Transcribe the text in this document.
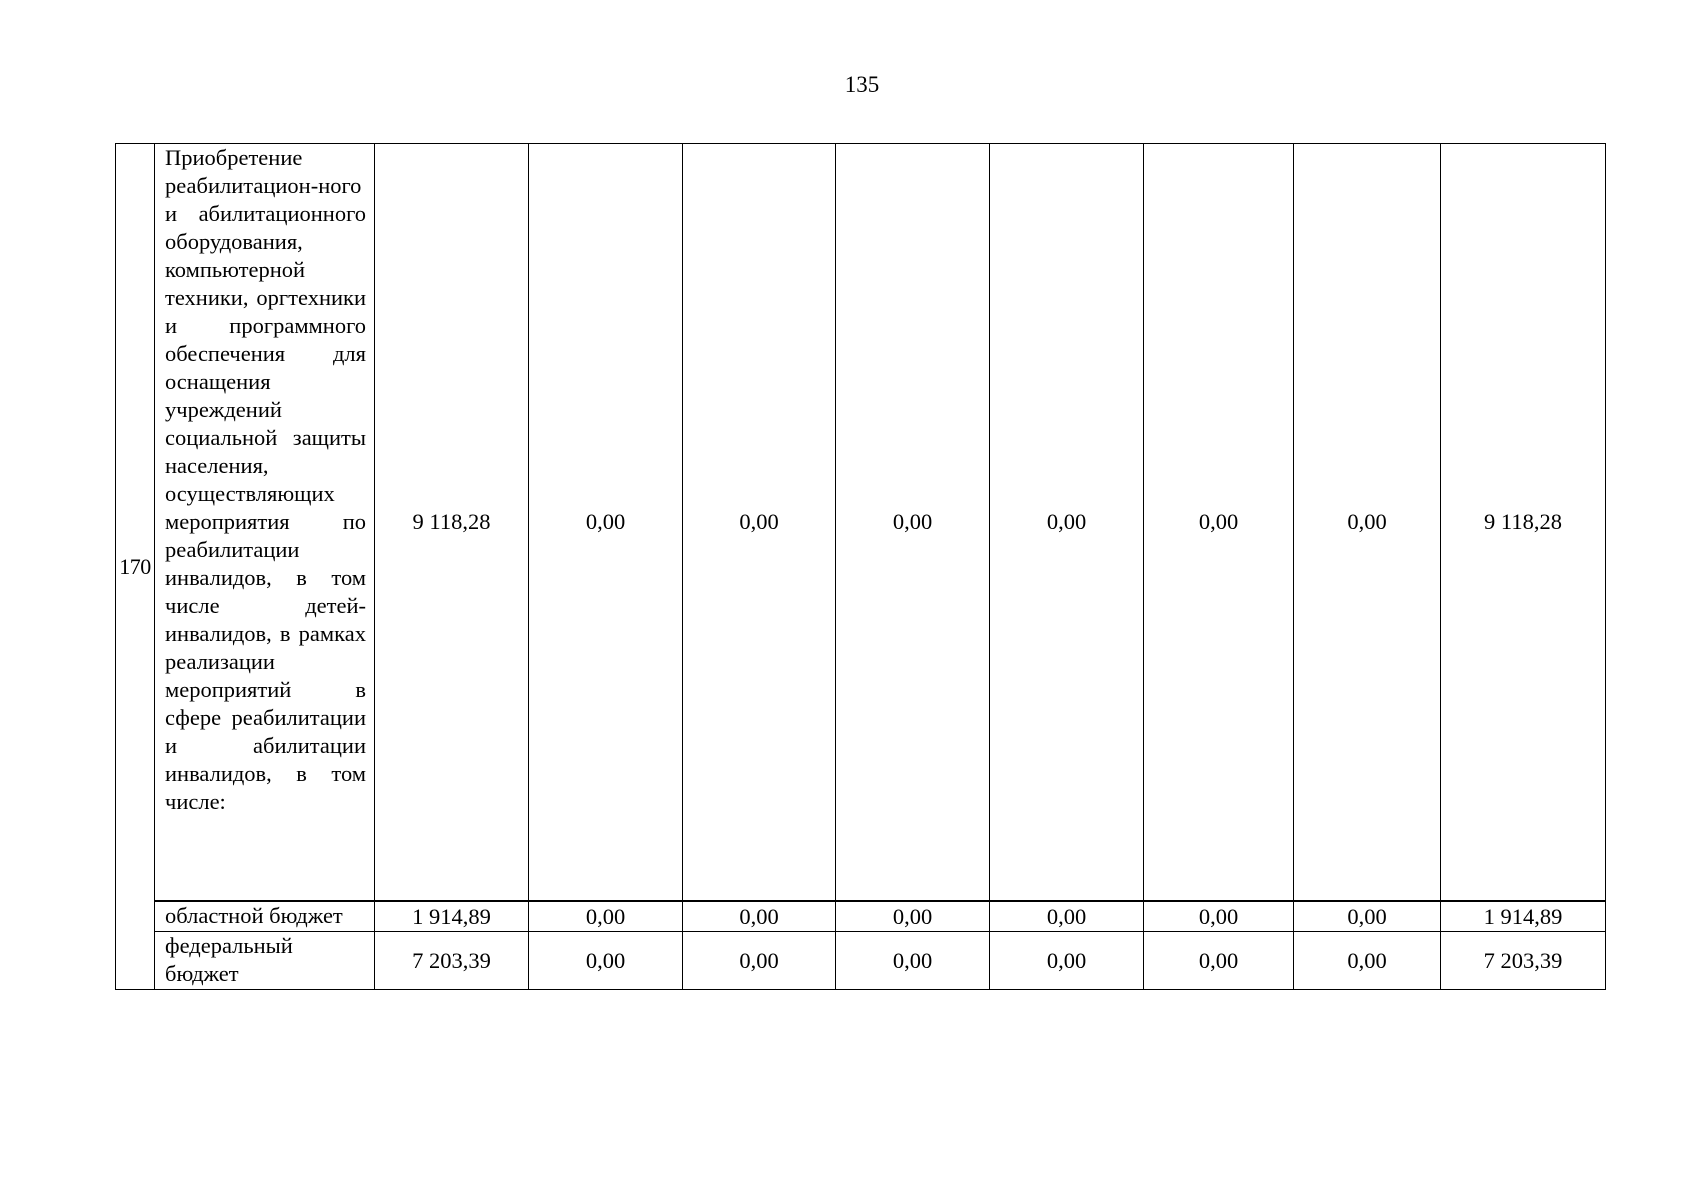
135
170	Приобретение реабилитацион-ного и абилитационного оборудования, компьютерной техники, оргтехники и программного обеспечения для оснащения учреждений социальной защиты населения, осуществляющих мероприятия по реабилитации инвалидов, в том числе детей-инвалидов, в рамках реализации мероприятий в сфере реабилитации и абилитации инвалидов, в том числе:	9 118,28	0,00	0,00	0,00	0,00	0,00	0,00	9 118,28
	областной бюджет	1 914,89	0,00	0,00	0,00	0,00	0,00	0,00	1 914,89
	федеральный бюджет	7 203,39	0,00	0,00	0,00	0,00	0,00	0,00	7 203,39
